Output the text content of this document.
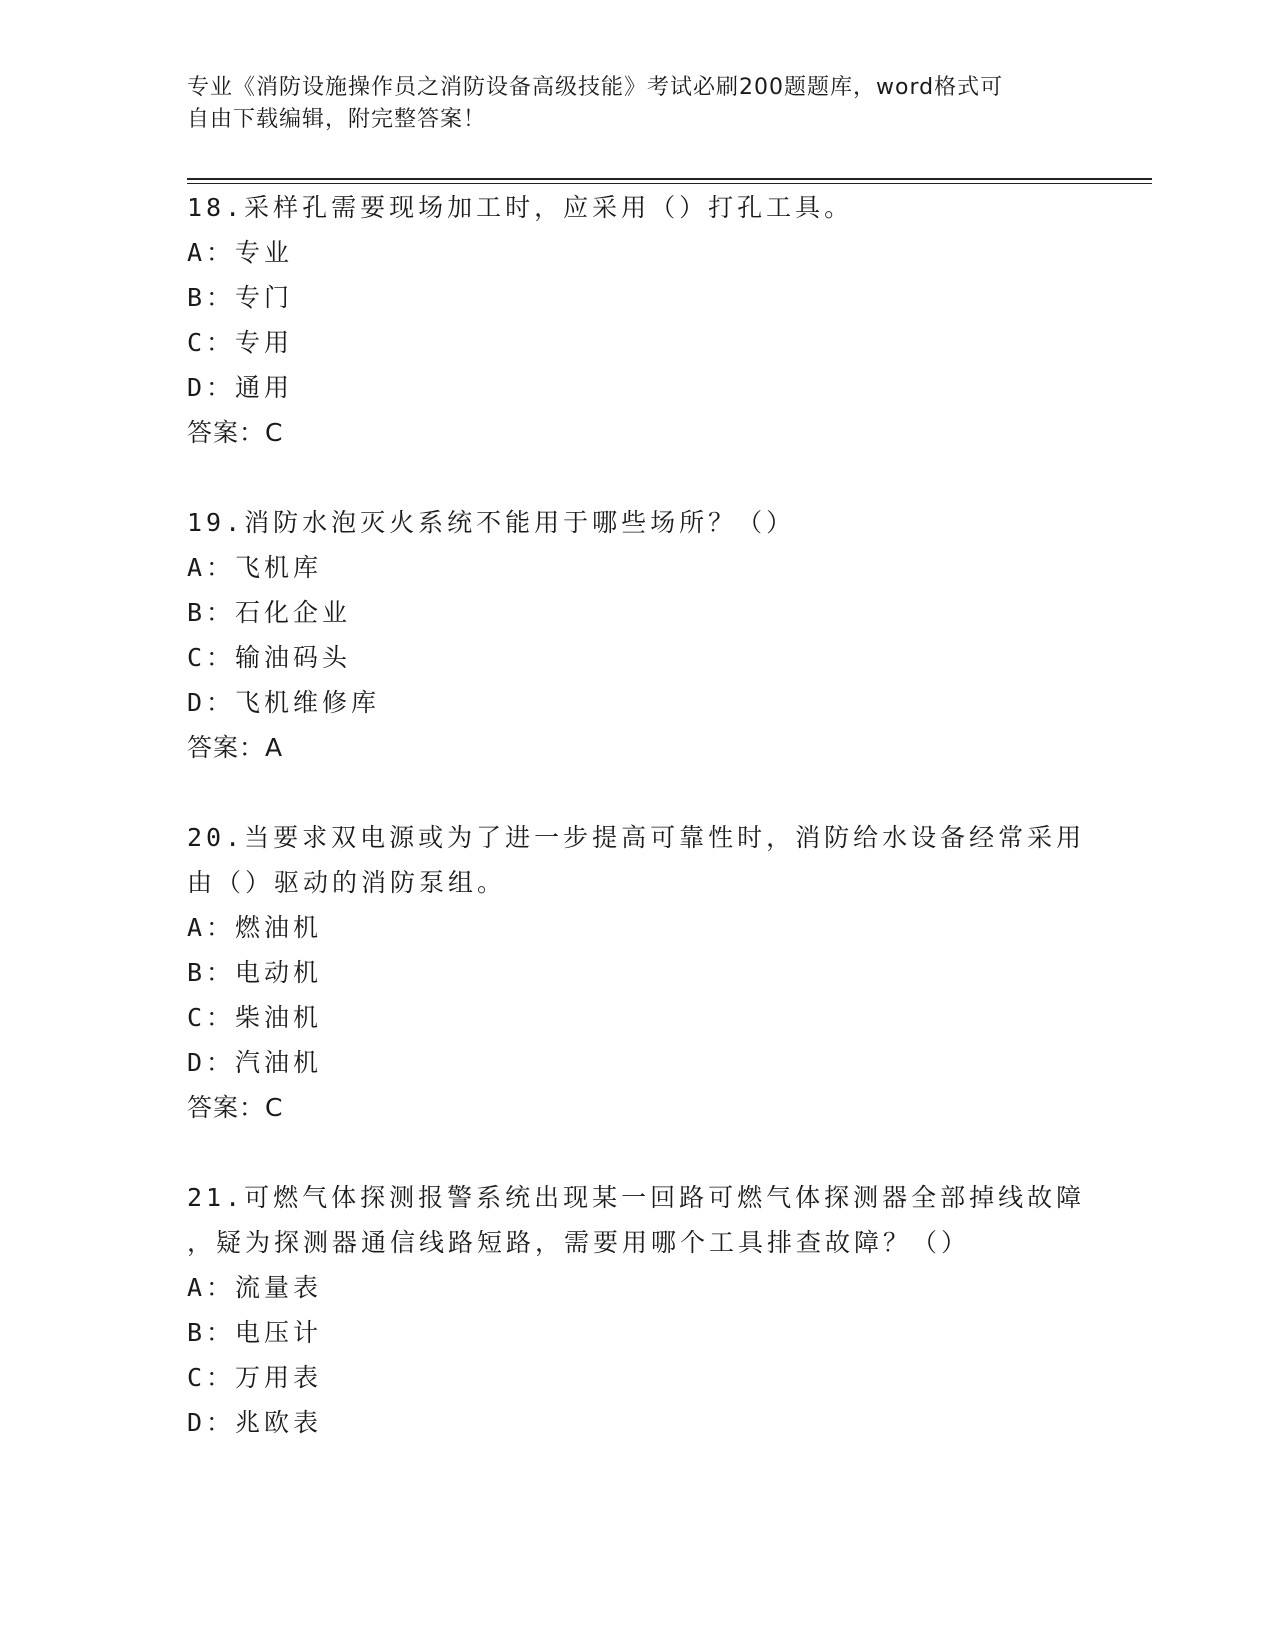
专业《消防设施操作员之消防设备高级技能》考试必刷200题题库，word格式可

自由下载编辑，附完整答案！

18.采样孔需要现场加工时，应采用（）打孔工具。
A：专业
B：专门
C：专用
D：通用
答案：C
19.消防水泡灭火系统不能用于哪些场所？（）
A：飞机库
B：石化企业
C：输油码头
D：飞机维修库
答案：A
20.当要求双电源或为了进一步提高可靠性时，消防给水设备经常采用
由（）驱动的消防泵组。
A：燃油机
B：电动机
C：柴油机
D：汽油机
答案：C
21.可燃气体探测报警系统出现某一回路可燃气体探测器全部掉线故障
，疑为探测器通信线路短路，需要用哪个工具排查故障？（）
A：流量表
B：电压计
C：万用表
D：兆欧表
